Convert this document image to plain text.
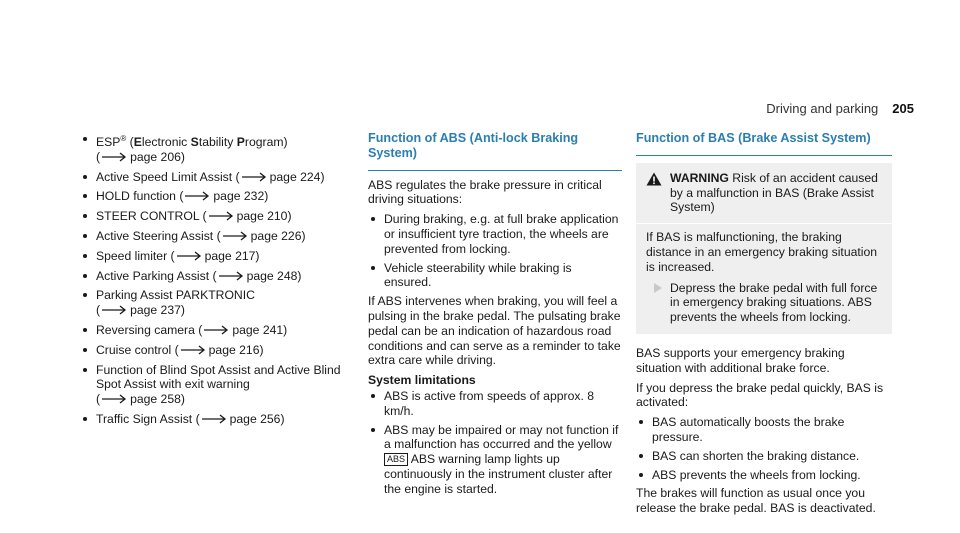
Driving and parking 205
ESP® (Electronic Stability Program)
( page 206)
Active Speed Limit Assist ( page 224)
HOLD function ( page 232)
STEER CONTROL ( page 210)
Active Steering Assist ( page 226)
Speed limiter ( page 217)
Active Parking Assist ( page 248)
Parking Assist PARKTRONIC
( page 237)
Reversing camera ( page 241)
Cruise control ( page 216)
Function of Blind Spot Assist and Active Blind Spot Assist with exit warning
( page 258)
Traffic Sign Assist ( page 256)
Function of ABS (Anti-lock Braking System)

ABS regulates the brake pressure in critical driving situations:

During braking, e.g. at full brake application or insufficient tyre traction, the wheels are prevented from locking.
Vehicle steerability while braking is ensured.

If ABS intervenes when braking, you will feel a pulsing in the brake pedal. The pulsating brake pedal can be an indication of hazardous road conditions and can serve as a reminder to take extra care while driving.

System limitations
ABS is active from speeds of approx. 8 km/h.
ABS may be impaired or may not function if a malfunction has occurred and the yellow ABS ABS warning lamp lights up continuously in the instrument cluster after the engine is started.
Function of BAS (Brake Assist System)
WARNING Risk of an accident caused by a malfunction in BAS (Brake Assist System)

If BAS is malfunctioning, the braking distance in an emergency braking situation is increased.

Depress the brake pedal with full force in emergency braking situations. ABS prevents the wheels from locking.

BAS supports your emergency braking situation with additional brake force.

If you depress the brake pedal quickly, BAS is activated:

BAS automatically boosts the brake pressure.
BAS can shorten the braking distance.
ABS prevents the wheels from locking.

The brakes will function as usual once you release the brake pedal. BAS is deactivated.
